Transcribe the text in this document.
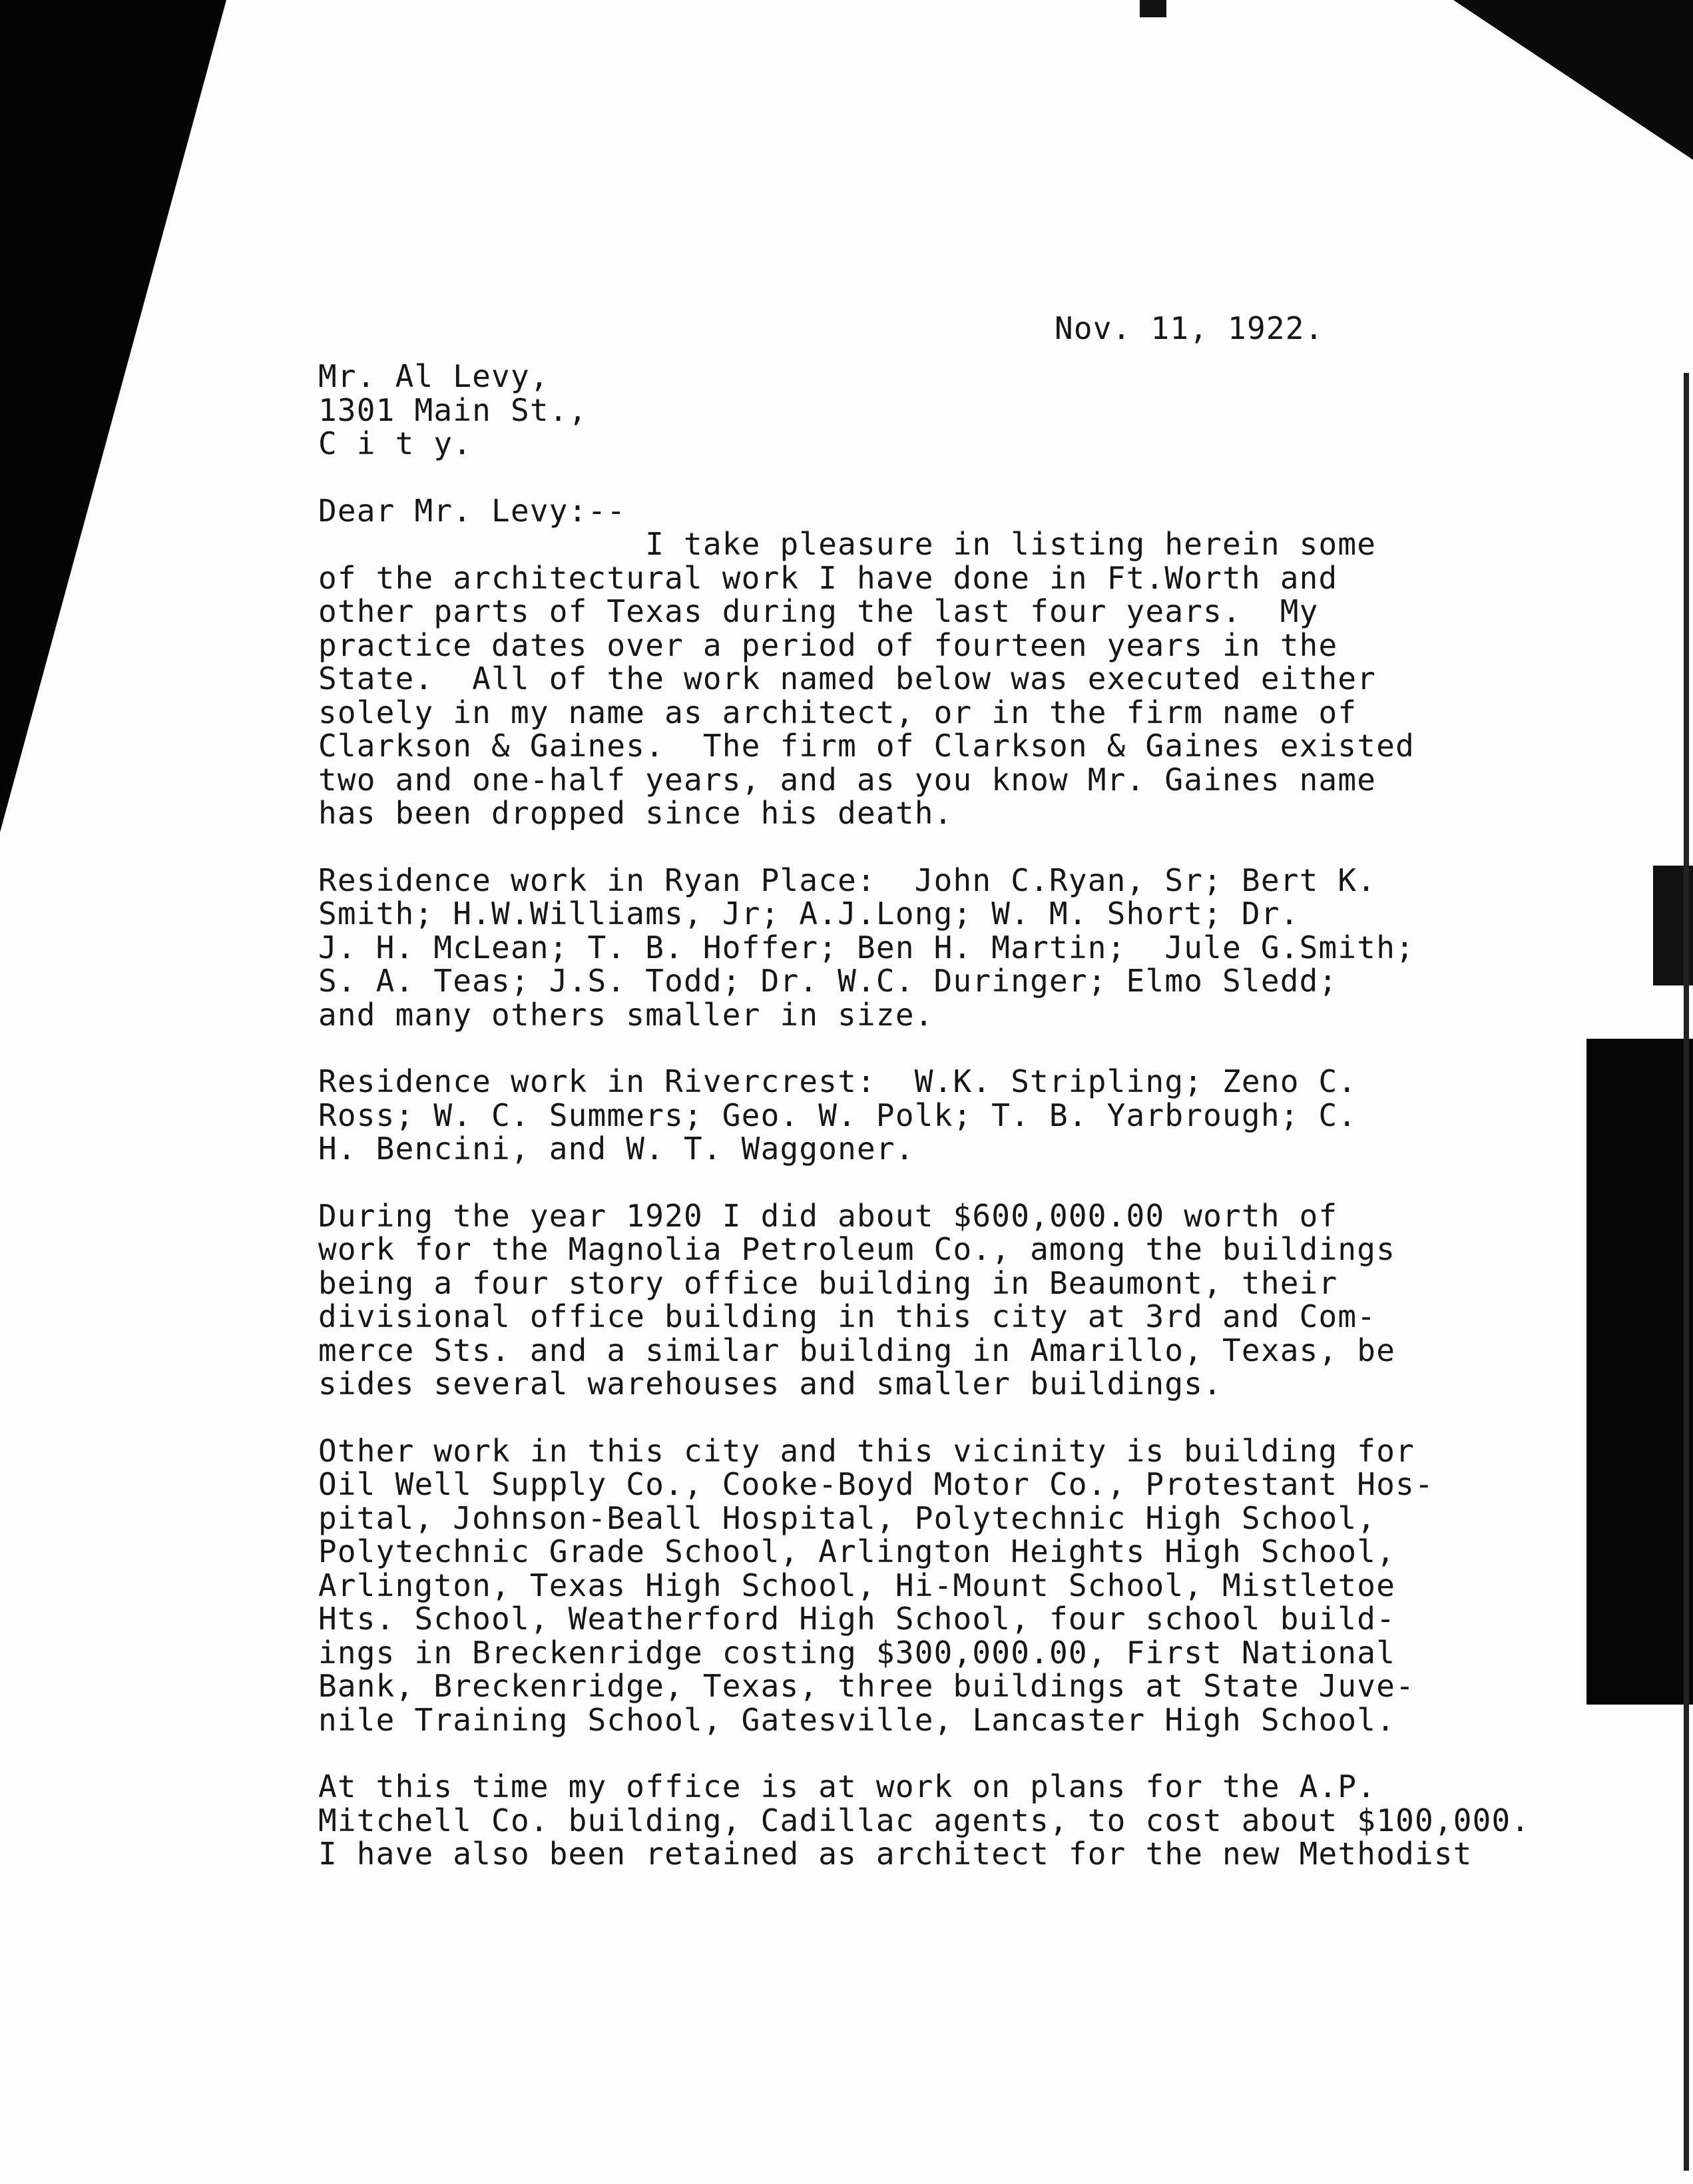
Nov. 11, 1922.
Mr. Al Levy,
1301 Main St.,
C i t y.
Dear Mr. Levy:--
I take pleasure in listing herein some
of the architectural work I have done in Ft.Worth and
other parts of Texas during the last four years.  My
practice dates over a period of fourteen years in the
State.  All of the work named below was executed either
solely in my name as architect, or in the firm name of
Clarkson & Gaines.  The firm of Clarkson & Gaines existed
two and one-half years, and as you know Mr. Gaines name
has been dropped since his death.
Residence work in Ryan Place:  John C.Ryan, Sr; Bert K.
Smith; H.W.Williams, Jr; A.J.Long; W. M. Short; Dr.
J. H. McLean; T. B. Hoffer; Ben H. Martin;  Jule G.Smith;
S. A. Teas; J.S. Todd; Dr. W.C. Duringer; Elmo Sledd;
and many others smaller in size.
Residence work in Rivercrest:  W.K. Stripling; Zeno C.
Ross; W. C. Summers; Geo. W. Polk; T. B. Yarbrough; C.
H. Bencini, and W. T. Waggoner.
During the year 1920 I did about $600,000.00 worth of
work for the Magnolia Petroleum Co., among the buildings
being a four story office building in Beaumont, their
divisional office building in this city at 3rd and Com-
merce Sts. and a similar building in Amarillo, Texas, be
sides several warehouses and smaller buildings.
Other work in this city and this vicinity is building for
Oil Well Supply Co., Cooke-Boyd Motor Co., Protestant Hos-
pital, Johnson-Beall Hospital, Polytechnic High School,
Polytechnic Grade School, Arlington Heights High School,
Arlington, Texas High School, Hi-Mount School, Mistletoe
Hts. School, Weatherford High School, four school build-
ings in Breckenridge costing $300,000.00, First National
Bank, Breckenridge, Texas, three buildings at State Juve-
nile Training School, Gatesville, Lancaster High School.
At this time my office is at work on plans for the A.P.
Mitchell Co. building, Cadillac agents, to cost about $100,000.
I have also been retained as architect for the new Methodist
